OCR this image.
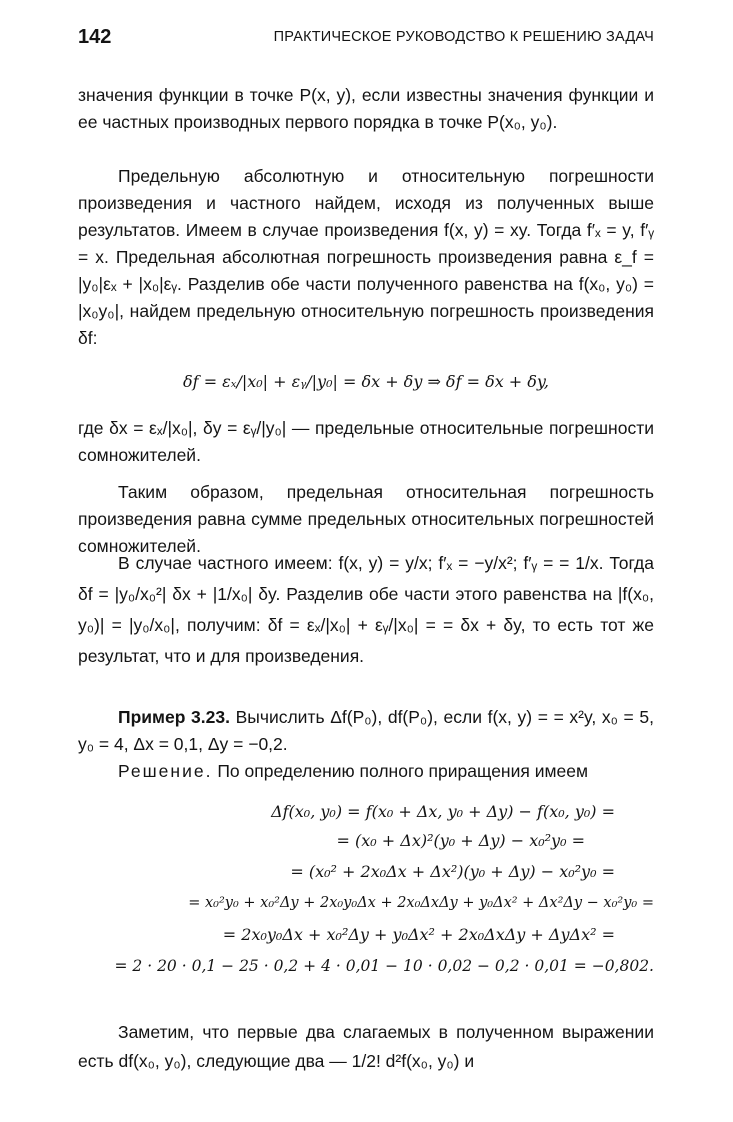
142	ПРАКТИЧЕСКОЕ РУКОВОДСТВО К РЕШЕНИЮ ЗАДАЧ

значения функции в точке P(x, y), если известны значения функции и ее частных производных первого порядка в точке P(x₀, y₀).

Предельную абсолютную и относительную погрешности произведения и частного найдем, исходя из полученных выше результатов. Имеем в случае произведения f(x, y) = xy. Тогда f′ₓ = y, f′ᵧ = x. Предельная абсолютная погрешность произведения равна ε_f = |y₀|εₓ + |x₀|εᵧ. Разделив обе части полученного равенства на f(x₀, y₀) = |x₀y₀|, найдем предельную относительную погрешность произведения δf:

δf = εₓ/|x₀| + εᵧ/|y₀| = δx + δy ⇒ δf = δx + δy,

где δx = εₓ/|x₀|, δy = εᵧ/|y₀| — предельные относительные погрешности сомножителей.

Таким образом, предельная относительная погрешность произведения равна сумме предельных относительных погрешностей сомножителей.

В случае частного имеем: f(x, y) = y/x; f′ₓ = −y/x²; f′ᵧ = = 1/x. Тогда δf = |y₀/x₀²| δx + |1/x₀| δy. Разделив обе части этого равенства на |f(x₀, y₀)| = |y₀/x₀|, получим: δf = εₓ/|x₀| + εᵧ/|x₀| = = δx + δy, то есть тот же результат, что и для произведения.

Пример 3.23. Вычислить Δf(P₀), df(P₀), если f(x, y) = = x²y, x₀ = 5, y₀ = 4, Δx = 0,1, Δy = −0,2.

Решение. По определению полного приращения имеем

Δf(x₀, y₀) = f(x₀ + Δx, y₀ + Δy) − f(x₀, y₀) =
= (x₀ + Δx)²(y₀ + Δy) − x₀²y₀ =
= (x₀² + 2x₀Δx + Δx²)(y₀ + Δy) − x₀²y₀ =
= x₀²y₀ + x₀²Δy + 2x₀y₀Δx + 2x₀ΔxΔy + y₀Δx² + Δx²Δy − x₀²y₀ =
= 2x₀y₀Δx + x₀²Δy + y₀Δx² + 2x₀ΔxΔy + ΔyΔx² =
= 2 · 20 · 0,1 − 25 · 0,2 + 4 · 0,01 − 10 · 0,02 − 0,2 · 0,01 = −0,802.

Заметим, что первые два слагаемых в полученном выражении есть df(x₀, y₀), следующие два — 1/2! d²f(x₀, y₀) и
